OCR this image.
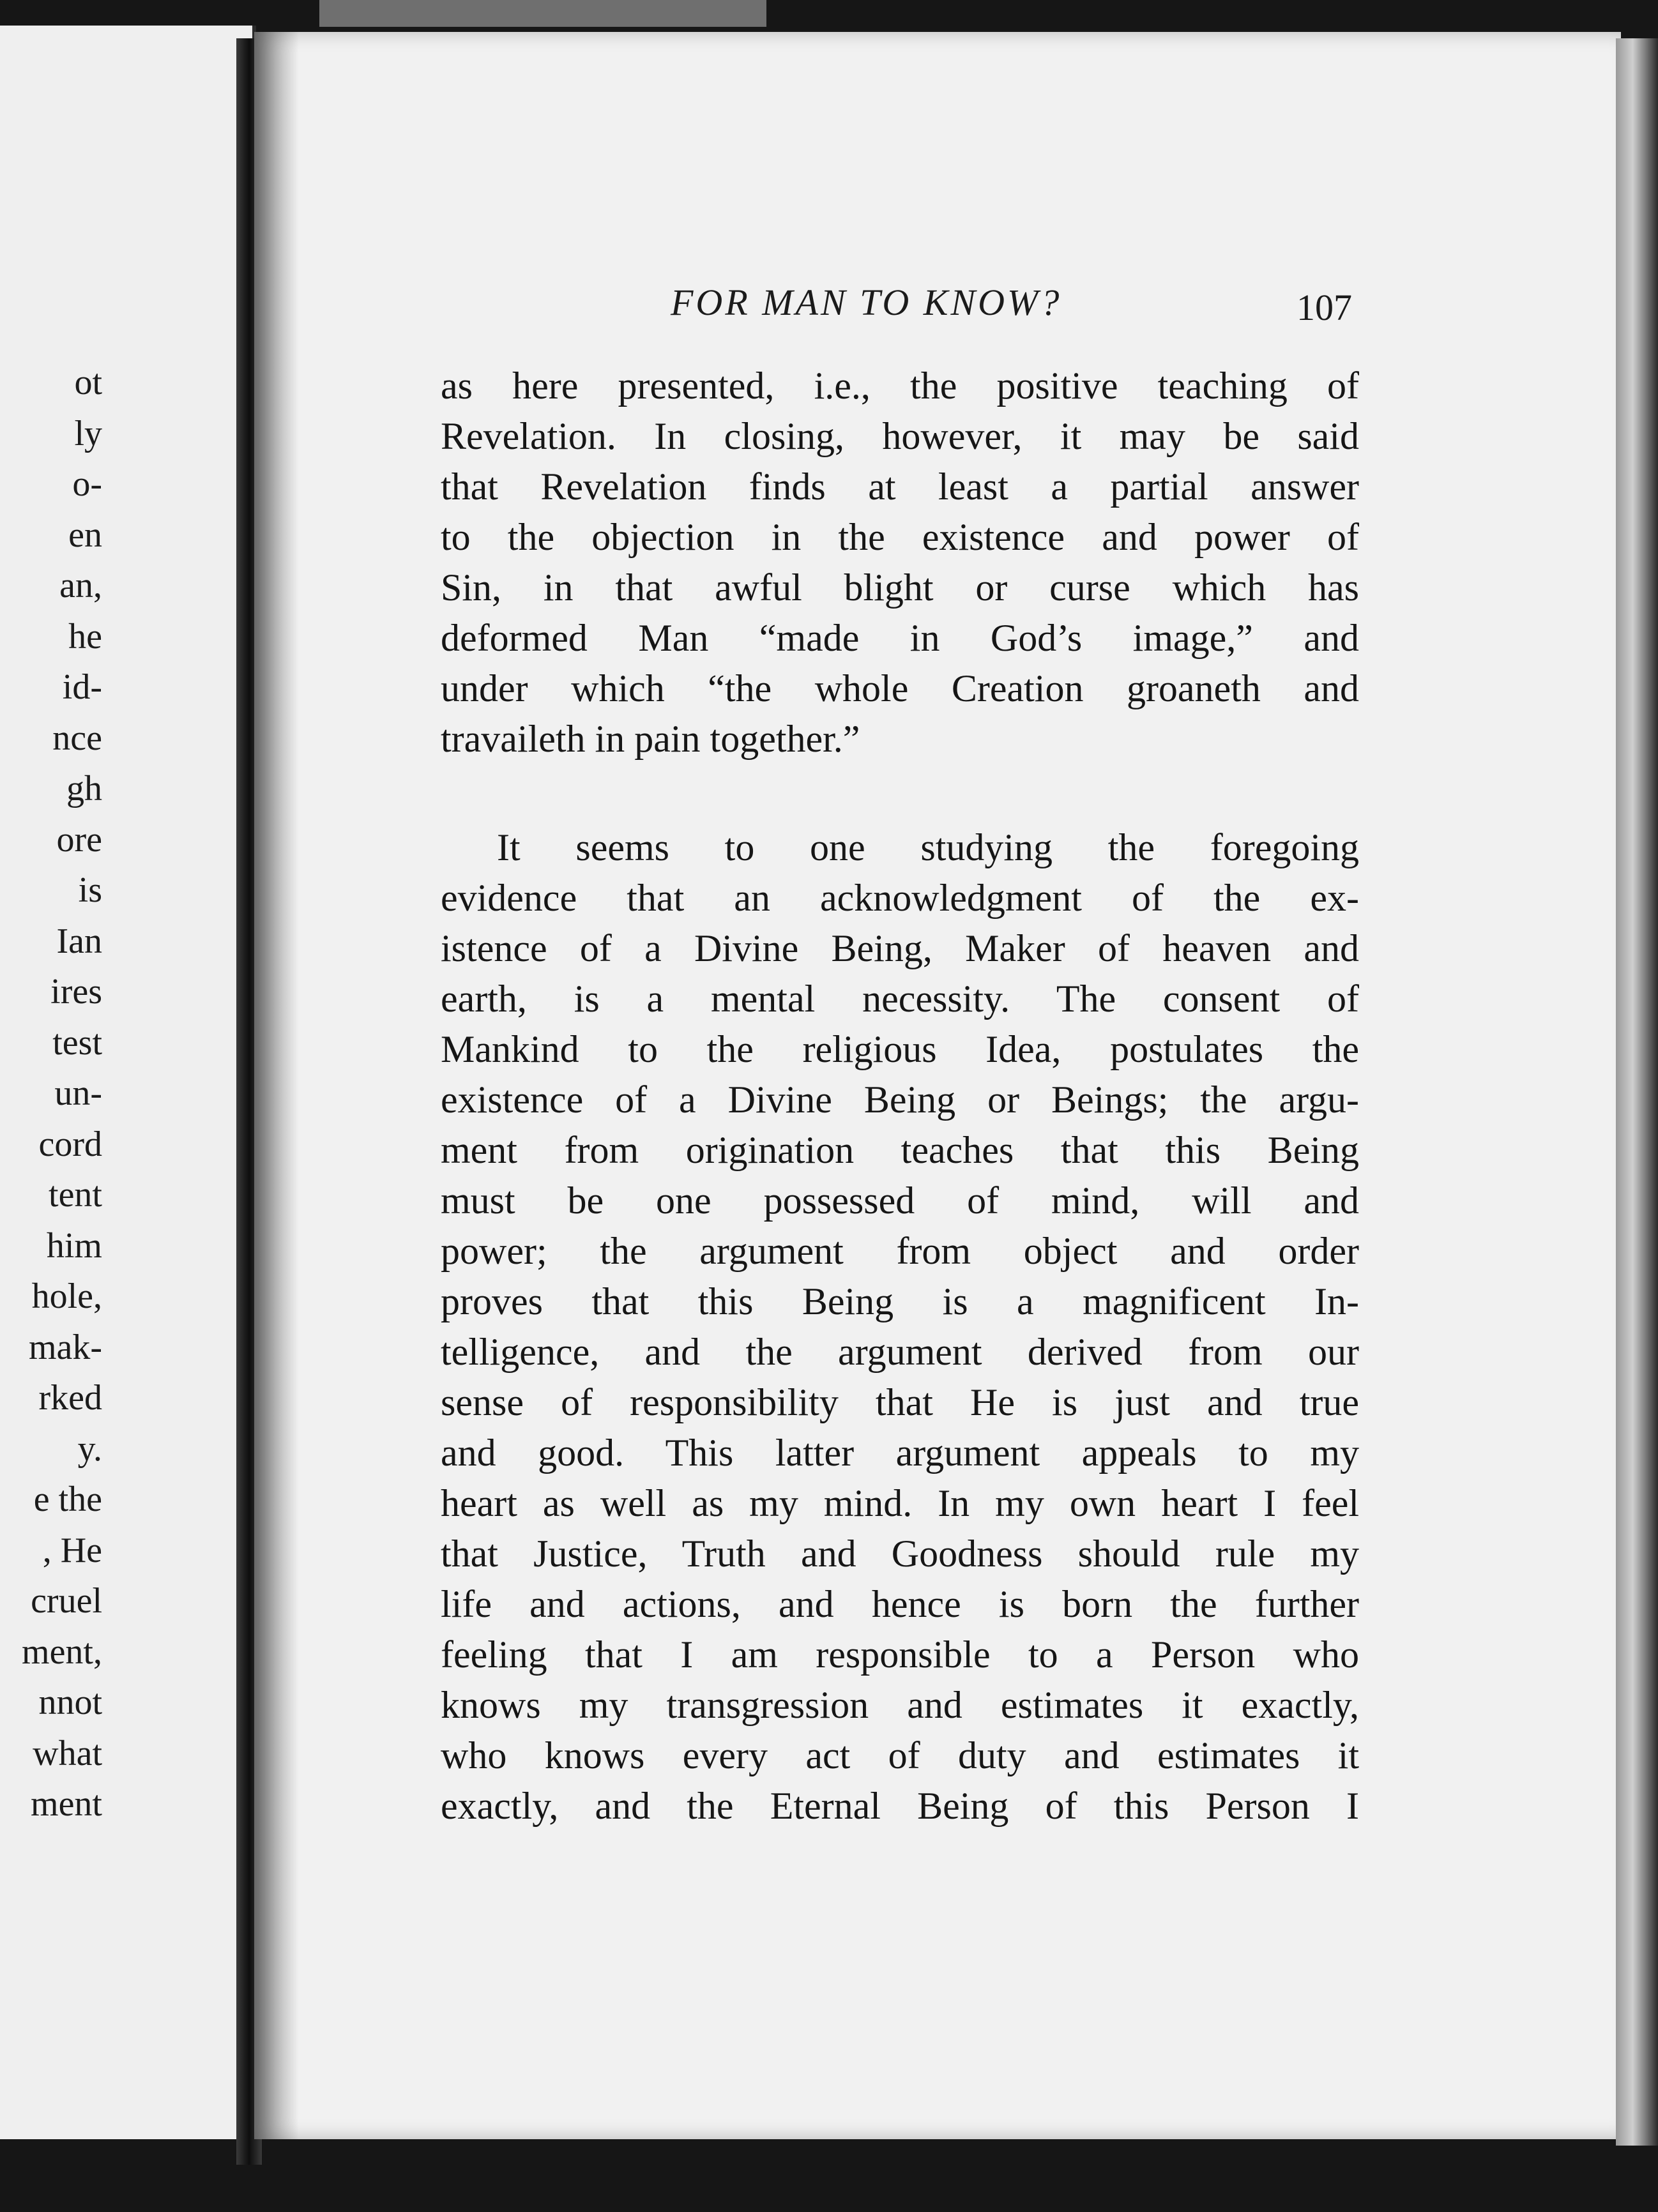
ot
ly
o-
en
an,
he
id-
nce
gh
ore
is
Ian
ires
test
un-
cord
tent
him
hole,
mak-
rked
y.
e the
, He
cruel
ment,
nnot
what
ment
FOR MAN TO KNOW?	107
as here presented, i.e., the positive teaching of
Revelation. In closing, however, it may be said
that Revelation finds at least a partial answer
to the objection in the existence and power of
Sin, in that awful blight or curse which has
deformed Man “made in God’s image,” and
under which “the whole Creation groaneth and
travaileth in pain together.”
It seems to one studying the foregoing
evidence that an acknowledgment of the ex-
istence of a Divine Being, Maker of heaven and
earth, is a mental necessity. The consent of
Mankind to the religious Idea, postulates the
existence of a Divine Being or Beings; the argu-
ment from origination teaches that this Being
must be one possessed of mind, will and
power; the argument from object and order
proves that this Being is a magnificent In-
telligence, and the argument derived from our
sense of responsibility that He is just and true
and good. This latter argument appeals to my
heart as well as my mind. In my own heart I feel
that Justice, Truth and Goodness should rule my
life and actions, and hence is born the further
feeling that I am responsible to a Person who
knows my transgression and estimates it exactly,
who knows every act of duty and estimates it
exactly, and the Eternal Being of this Person I
